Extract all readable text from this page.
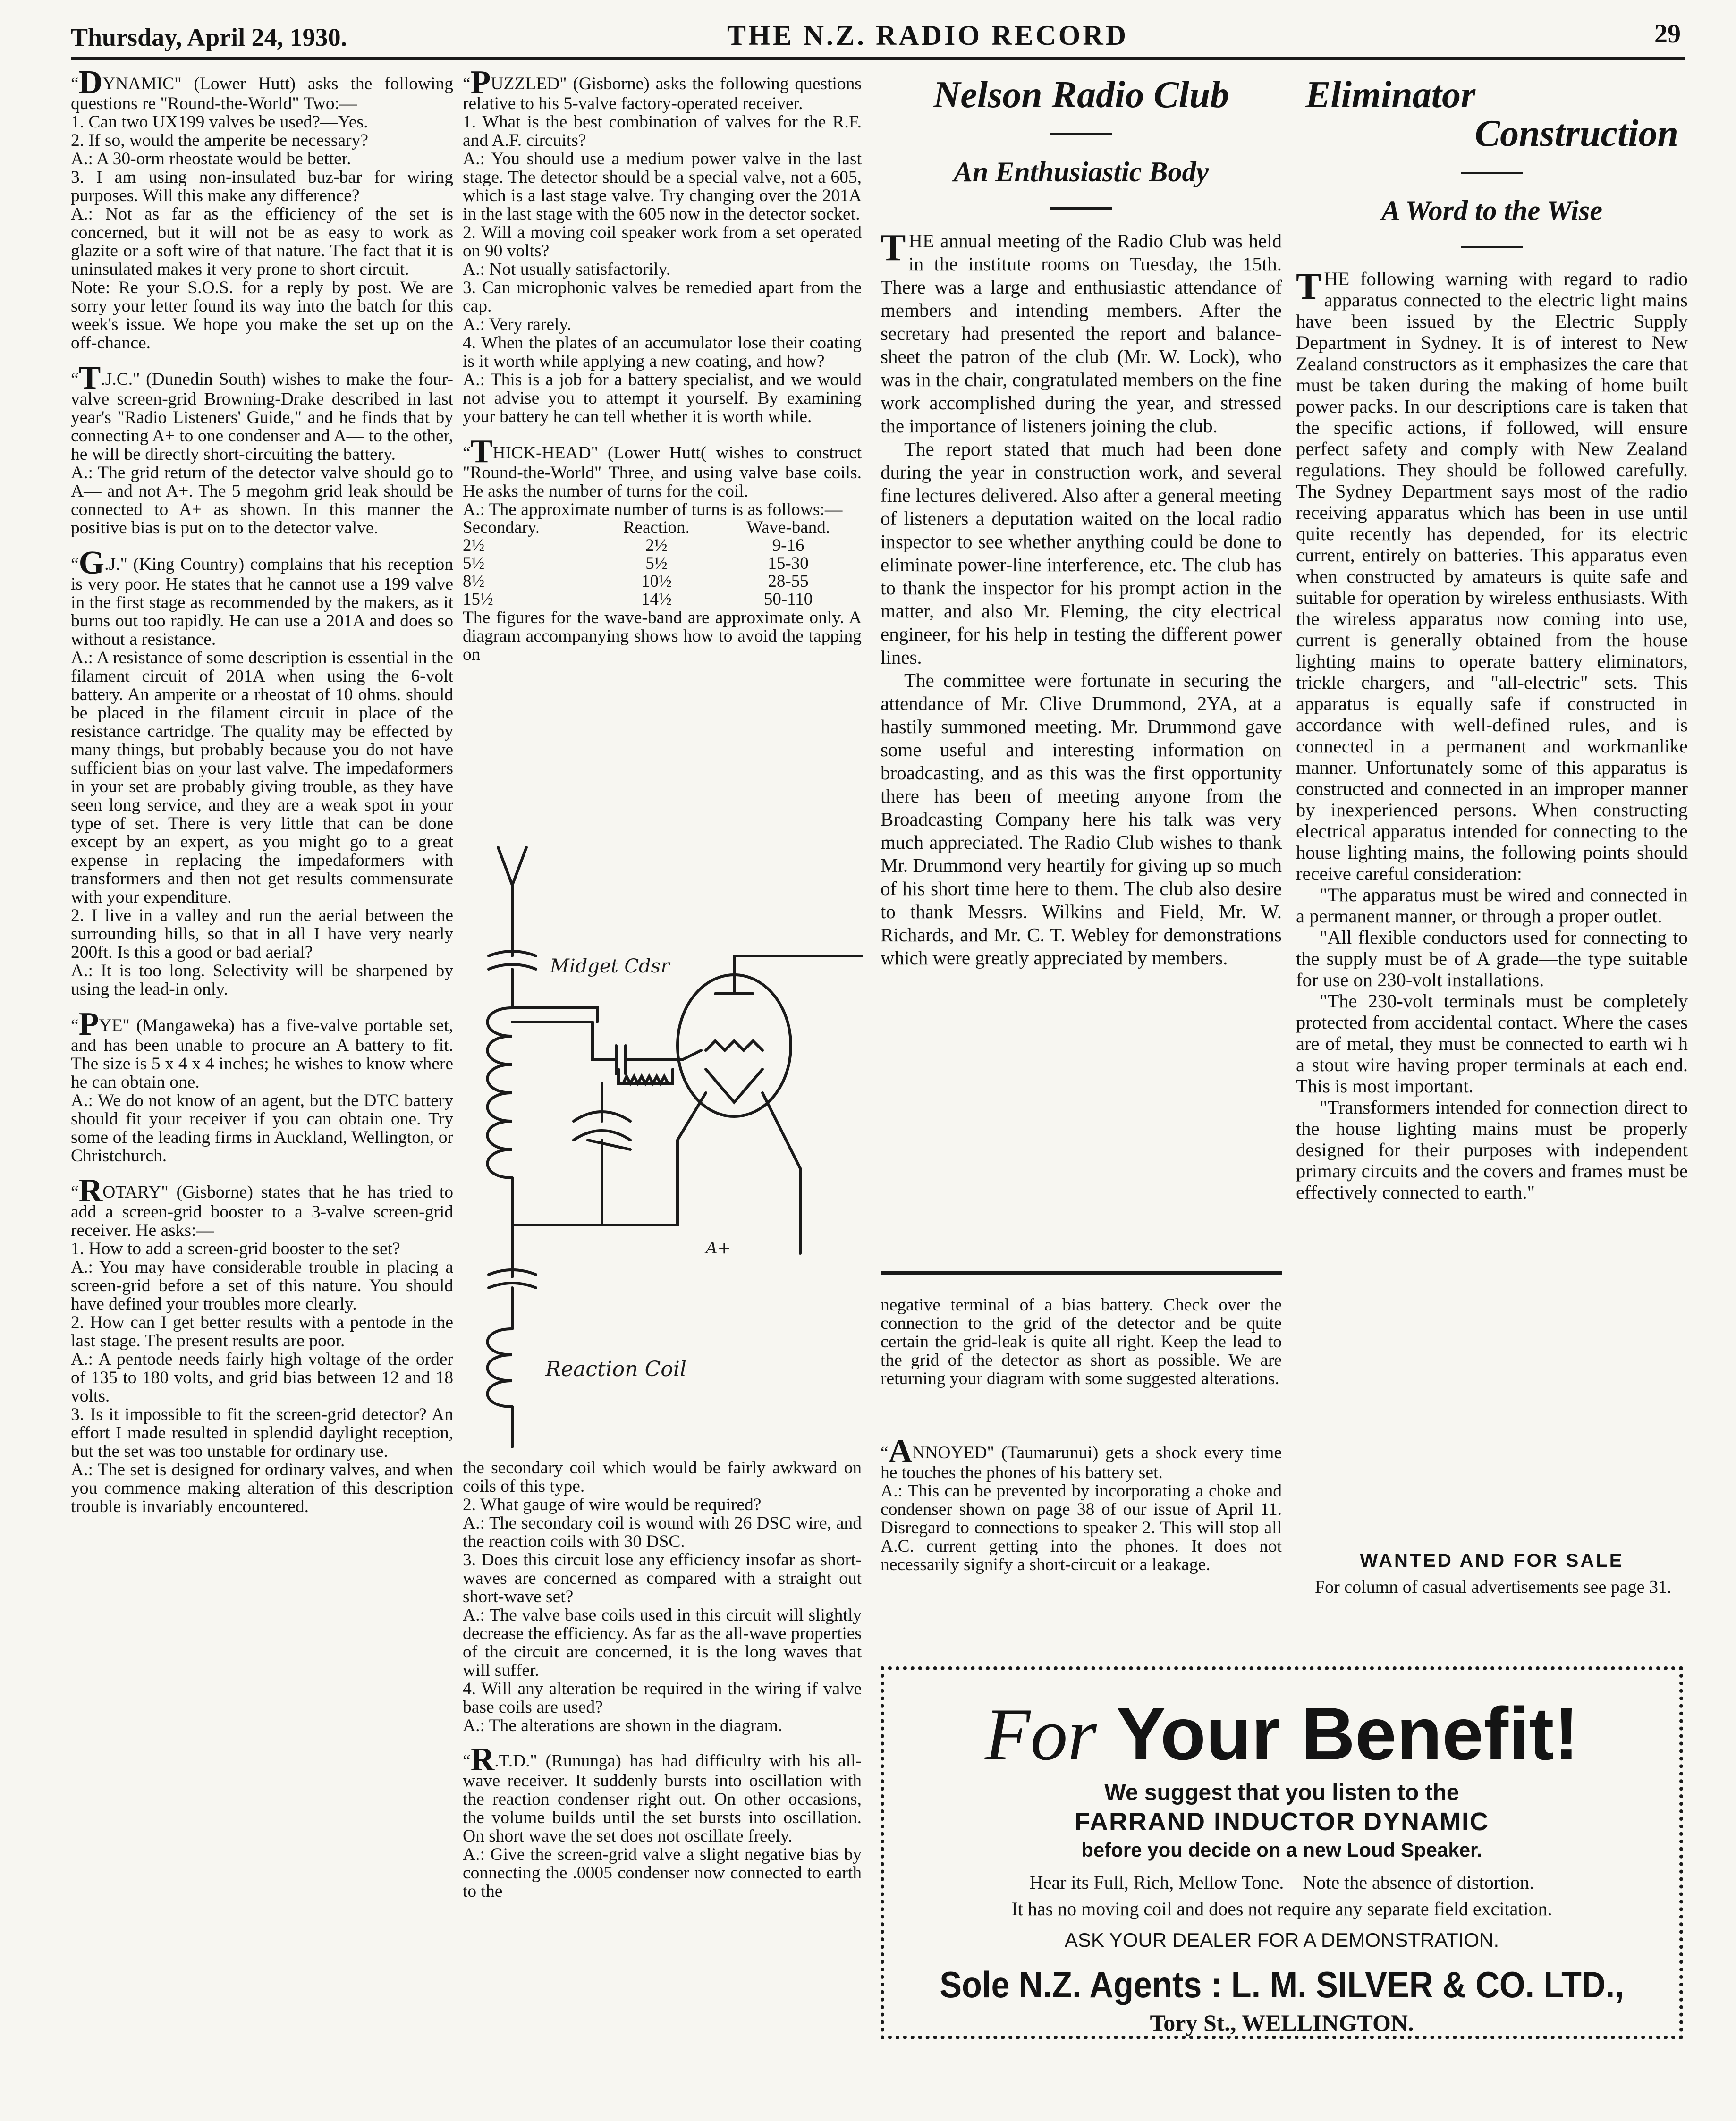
Thursday, April 24, 1930.	THE N.Z. RADIO RECORD	29

“DYNAMIC" (Lower Hutt) asks the following questions re "Round-the-World" Two:—

1. Can two UX199 valves be used?—Yes.

2. If so, would the amperite be necessary?

A.: A 30-orm rheostate would be better.

3. I am using non-insulated buz-bar for wiring purposes. Will this make any difference?

A.: Not as far as the efficiency of the set is concerned, but it will not be as easy to work as glazite or a soft wire of that nature. The fact that it is uninsulated makes it very prone to short circuit.

Note: Re your S.O.S. for a reply by post. We are sorry your letter found its way into the batch for this week's issue. We hope you make the set up on the off-chance.

“T.J.C." (Dunedin South) wishes to make the four-valve screen-grid Browning-Drake described in last year's "Radio Listeners' Guide," and he finds that by connecting A+ to one condenser and A— to the other, he will be directly short-circuiting the battery.

A.: The grid return of the detector valve should go to A— and not A+. The 5 megohm grid leak should be connected to A+ as shown. In this manner the positive bias is put on to the detector valve.

“G.J." (King Country) complains that his reception is very poor. He states that he cannot use a 199 valve in the first stage as recommended by the makers, as it burns out too rapidly. He can use a 201A and does so without a resistance.

A.: A resistance of some description is essential in the filament circuit of 201A when using the 6-volt battery. An amperite or a rheostat of 10 ohms. should be placed in the filament circuit in place of the resistance cartridge. The quality may be effected by many things, but probably because you do not have sufficient bias on your last valve. The impedaformers in your set are probably giving trouble, as they have seen long service, and they are a weak spot in your type of set. There is very little that can be done except by an expert, as you might go to a great expense in replacing the impedaformers with transformers and then not get results commensurate with your expenditure.

2. I live in a valley and run the aerial between the surrounding hills, so that in all I have very nearly 200ft. Is this a good or bad aerial?

A.: It is too long. Selectivity will be sharpened by using the lead-in only.

“PYE" (Mangaweka) has a five-valve portable set, and has been unable to procure an A battery to fit. The size is 5 x 4 x 4 inches; he wishes to know where he can obtain one.

A.: We do not know of an agent, but the DTC battery should fit your receiver if you can obtain one. Try some of the leading firms in Auckland, Wellington, or Christchurch.

“ROTARY" (Gisborne) states that he has tried to add a screen-grid booster to a 3-valve screen-grid receiver. He asks:—

1. How to add a screen-grid booster to the set?

A.: You may have considerable trouble in placing a screen-grid before a set of this nature. You should have defined your troubles more clearly.

2. How can I get better results with a pentode in the last stage. The present results are poor.

A.: A pentode needs fairly high voltage of the order of 135 to 180 volts, and grid bias between 12 and 18 volts.

3. Is it impossible to fit the screen-grid detector? An effort I made resulted in splendid daylight reception, but the set was too unstable for ordinary use.

A.: The set is designed for ordinary valves, and when you commence making alteration of this description trouble is invariably encountered.

“PUZZLED" (Gisborne) asks the following questions relative to his 5-valve factory-operated receiver.

1. What is the best combination of valves for the R.F. and A.F. circuits?

A.: You should use a medium power valve in the last stage. The detector should be a special valve, not a 605, which is a last stage valve. Try changing over the 201A in the last stage with the 605 now in the detector socket.

2. Will a moving coil speaker work from a set operated on 90 volts?

A.: Not usually satisfactorily.

3. Can microphonic valves be remedied apart from the cap.

A.: Very rarely.

4. When the plates of an accumulator lose their coating is it worth while applying a new coating, and how?

A.: This is a job for a battery specialist, and we would not advise you to attempt it yourself. By examining your battery he can tell whether it is worth while.

“THICK-HEAD" (Lower Hutt( wishes to construct "Round-the-World" Three, and using valve base coils. He asks the number of turns for the coil.

A.: The approximate number of turns is as follows:—

Secondary.	Reaction.	Wave-band.
2½	2½	9-16
5½	5½	15-30
8½	10½	28-55
15½	14½	50-110

The figures for the wave-band are approximate only. A diagram accompanying shows how to avoid the tapping on

Midget Cdsr
A+
Reaction Coil

the secondary coil which would be fairly awkward on coils of this type.

2. What gauge of wire would be required?

A.: The secondary coil is wound with 26 DSC wire, and the reaction coils with 30 DSC.

3. Does this circuit lose any efficiency insofar as short-waves are concerned as compared with a straight out short-wave set?

A.: The valve base coils used in this circuit will slightly decrease the efficiency. As far as the all-wave properties of the circuit are concerned, it is the long waves that will suffer.

4. Will any alteration be required in the wiring if valve base coils are used?

A.: The alterations are shown in the diagram.

“R.T.D." (Rununga) has had difficulty with his all-wave receiver. It suddenly bursts into oscillation with the reaction condenser right out. On other occasions, the volume builds until the set bursts into oscillation. On short wave the set does not oscillate freely.

A.: Give the screen-grid valve a slight negative bias by connecting the .0005 condenser now connected to earth to the

Nelson Radio Club
An Enthusiastic Body

THE annual meeting of the Radio Club was held in the institute rooms on Tuesday, the 15th. There was a large and enthusiastic attendance of members and intending members. After the secretary had presented the report and balance-sheet the patron of the club (Mr. W. Lock), who was in the chair, congratulated members on the fine work accomplished during the year, and stressed the importance of listeners joining the club.

The report stated that much had been done during the year in construction work, and several fine lectures delivered. Also after a general meeting of listeners a deputation waited on the local radio inspector to see whether anything could be done to eliminate power-line interference, etc. The club has to thank the inspector for his prompt action in the matter, and also Mr. Fleming, the city electrical engineer, for his help in testing the different power lines.

The committee were fortunate in securing the attendance of Mr. Clive Drummond, 2YA, at a hastily summoned meeting. Mr. Drummond gave some useful and interesting information on broadcasting, and as this was the first opportunity there has been of meeting anyone from the Broadcasting Company here his talk was very much appreciated. The Radio Club wishes to thank Mr. Drummond very heartily for giving up so much of his short time here to them. The club also desire to thank Messrs. Wilkins and Field, Mr. W. Richards, and Mr. C. T. Webley for demonstrations which were greatly appreciated by members.

negative terminal of a bias battery. Check over the connection to the grid of the detector and be quite certain the grid-leak is quite all right. Keep the lead to the grid of the detector as short as possible. We are returning your diagram with some suggested alterations.

“ANNOYED" (Taumarunui) gets a shock every time he touches the phones of his battery set.

A.: This can be prevented by incorporating a choke and condenser shown on page 38 of our issue of April 11. Disregard to connections to speaker 2. This will stop all A.C. current getting into the phones. It does not necessarily signify a short-circuit or a leakage.

Eliminator
Construction
A Word to the Wise

THE following warning with regard to radio apparatus connected to the electric light mains have been issued by the Electric Supply Department in Sydney. It is of interest to New Zealand constructors as it emphasizes the care that must be taken during the making of home built power packs. In our descriptions care is taken that the specific actions, if followed, will ensure perfect safety and comply with New Zealand regulations. They should be followed carefully. The Sydney Department says most of the radio receiving apparatus which has been in use until quite recently has depended, for its electric current, entirely on batteries. This apparatus even when constructed by amateurs is quite safe and suitable for operation by wireless enthusiasts. With the wireless apparatus now coming into use, current is generally obtained from the house lighting mains to operate battery eliminators, trickle chargers, and "all-electric" sets. This apparatus is equally safe if constructed in accordance with well-defined rules, and is connected in a permanent and workmanlike manner. Unfortunately some of this apparatus is constructed and connected in an improper manner by inexperienced persons. When constructing electrical apparatus intended for connecting to the house lighting mains, the following points should receive careful consideration:

"The apparatus must be wired and connected in a permanent manner, or through a proper outlet.

"All flexible conductors used for connecting to the supply must be of A grade—the type suitable for use on 230-volt installations.

"The 230-volt terminals must be completely protected from accidental contact. Where the cases are of metal, they must be connected to earth wi h a stout wire having proper terminals at each end. This is most important.

"Transformers intended for connection direct to the house lighting mains must be properly designed for their purposes with independent primary circuits and the covers and frames must be effectively connected to earth."

WANTED AND FOR SALE
For column of casual advertisements see page 31.
For Your Benefit!
We suggest that you listen to the
FARRAND INDUCTOR DYNAMIC
before you decide on a new Loud Speaker.
Hear its Full, Rich, Mellow Tone.    Note the absence of distortion.
It has no moving coil and does not require any separate field excitation.
ASK YOUR DEALER FOR A DEMONSTRATION.
Sole N.Z. Agents : L. M. SILVER & CO. LTD.,
Tory St., WELLINGTON.
